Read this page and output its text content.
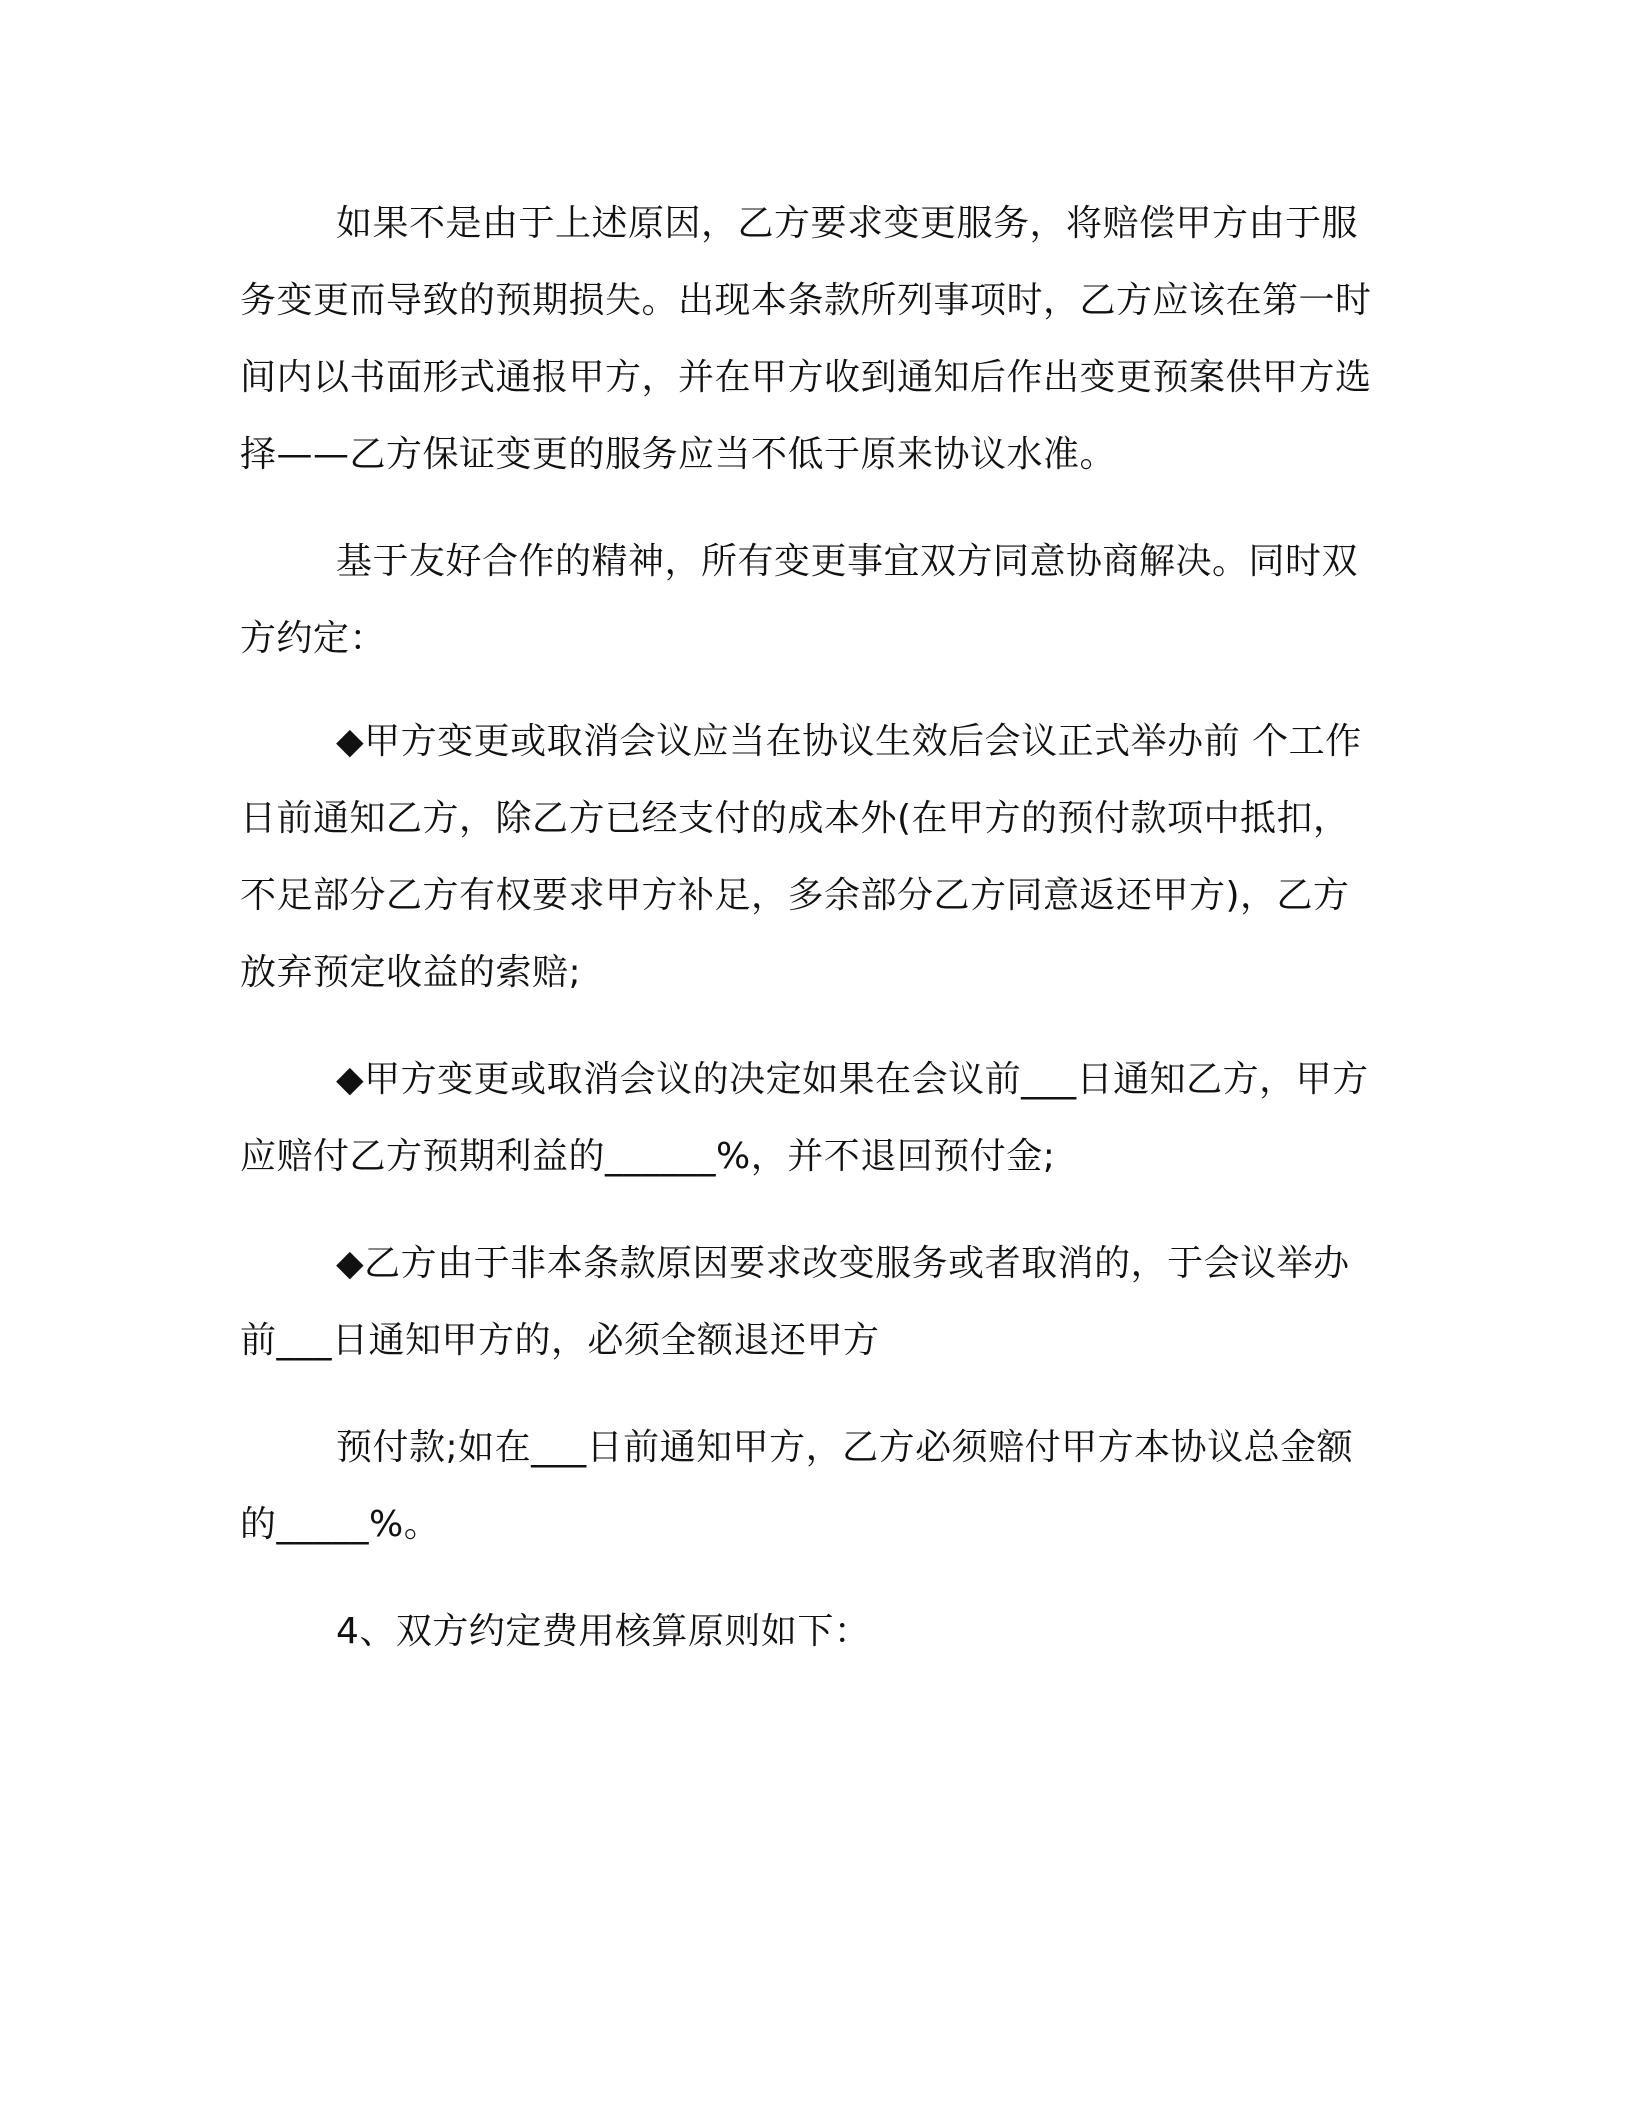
如果不是由于上述原因，乙方要求变更服务，将赔偿甲方由于服务变更而导致的预期损失。出现本条款所列事项时，乙方应该在第一时间内以书面形式通报甲方，并在甲方收到通知后作出变更预案供甲方选择——乙方保证变更的服务应当不低于原来协议水准。

基于友好合作的精神，所有变更事宜双方同意协商解决。同时双方约定：

◆甲方变更或取消会议应当在协议生效后会议正式举办前 个工作日前通知乙方，除乙方已经支付的成本外(在甲方的预付款项中抵扣，不足部分乙方有权要求甲方补足，多余部分乙方同意返还甲方)，乙方放弃预定收益的索赔;

◆甲方变更或取消会议的决定如果在会议前___日通知乙方，甲方应赔付乙方预期利益的______%，并不退回预付金;

◆乙方由于非本条款原因要求改变服务或者取消的，于会议举办前___日通知甲方的，必须全额退还甲方

预付款;如在___日前通知甲方，乙方必须赔付甲方本协议总金额的_____%。

4、双方约定费用核算原则如下：
